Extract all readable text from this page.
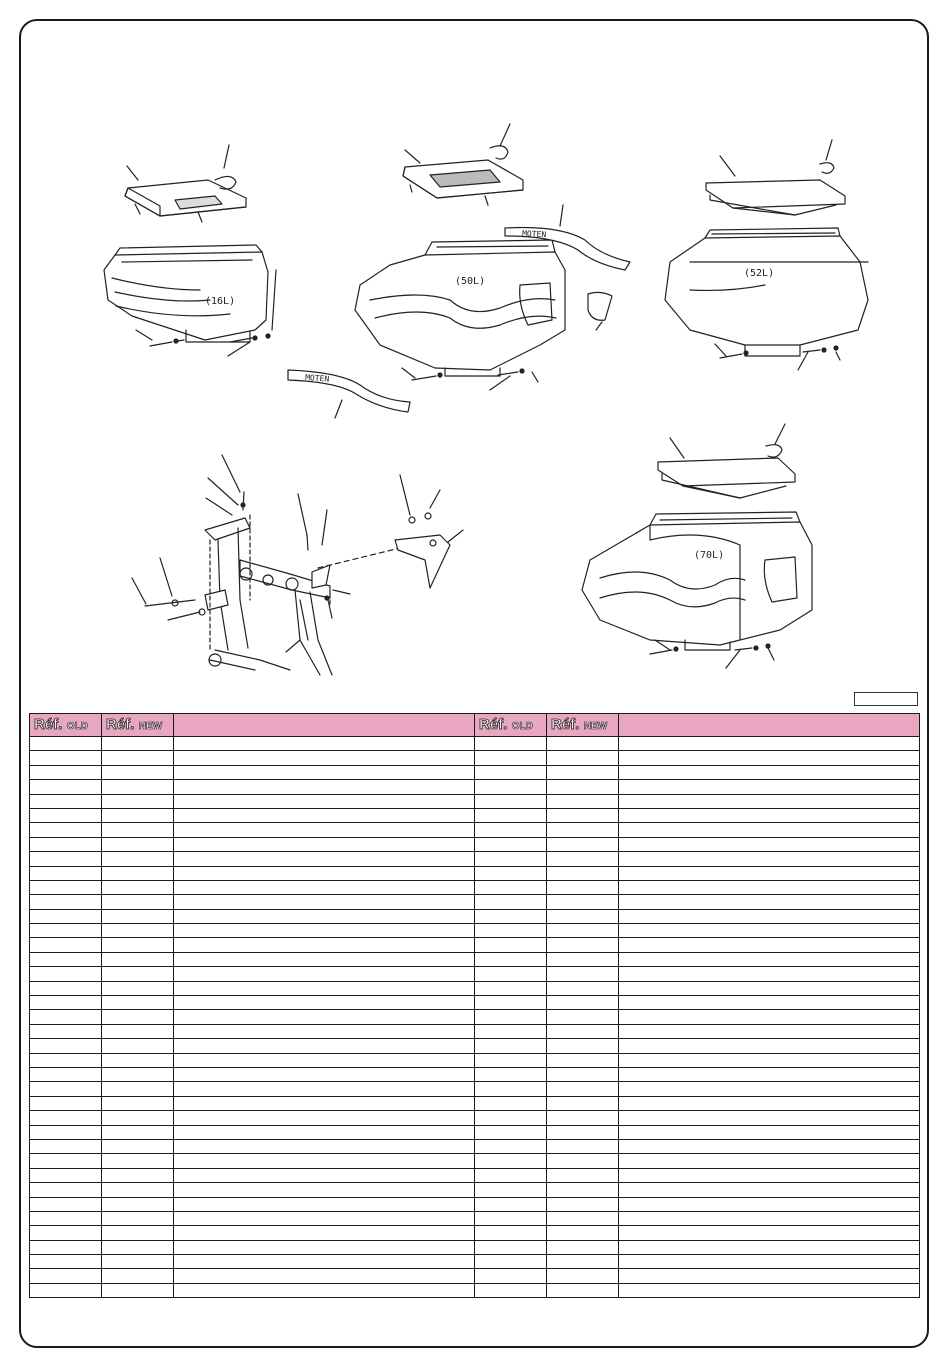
(16L)
(50L)
(52L)
(70L)
MOTEN
MOTEN
Réf. OLD	Réf. NEW		Réf. OLD	Réf. NEW	
